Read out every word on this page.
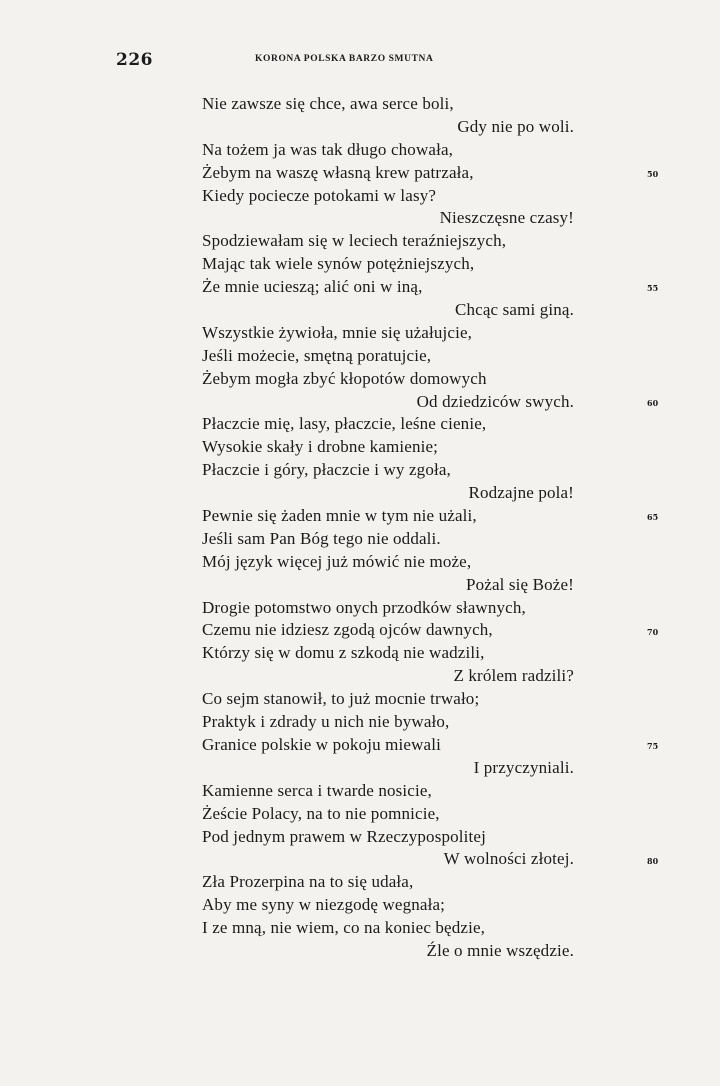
226	KORONA POLSKA BARZO SMUTNA
Nie zawsze się chce, awa serce boli,
Gdy nie po woli.
Na tożem ja was tak długo chowała,
Żebym na waszę własną krew patrzała,
Kiedy pocieсze potokami w lasy?
Nieszczęsne czasy!
Spodziewałam się w leciech teraźniejszych,
Mając tak wiele synów potężniejszych,
Że mnie ucieszą; alić oni w iną,
Chcąc sami giną.
Wszystkie żywioła, mnie się użałujcie,
Jeśli możecie, smętną poratujcie,
Żebym mogła zbyć kłopotów domowych
Od dziedziców swych.
Płaczcie mię, lasy, płaczcie, leśne cienie,
Wysokie skały i drobne kamienie;
Płaczcie i góry, płaczcie i wy zgoła,
Rodzajne pola!
Pewnie się żaden mnie w tym nie użali,
Jeśli sam Pan Bóg tego nie oddali.
Mój język więcej już mówić nie może,
Pożal się Boże!
Drogie potomstwo onych przodków sławnych,
Czemu nie idziesz zgodą ojców dawnych,
Którzy się w domu z szkodą nie wadzili,
Z królem radzili?
Co sejm stanowił, to już mocnie trwało;
Praktyk i zdrady u nich nie bywało,
Granice polskie w pokoju miewali
I przyczyniali.
Kamienne serca i twarde nosicie,
Żeście Polacy, na to nie pomnicie,
Pod jednym prawem w Rzeczypospolitej
W wolności złotej.
Zła Prozerpina na to się udała,
Aby me syny w niezgodę wegnała;
I ze mną, nie wiem, co na koniec będzie,
Źle o mnie wszędzie.
50
55
60
65
70
75
80
